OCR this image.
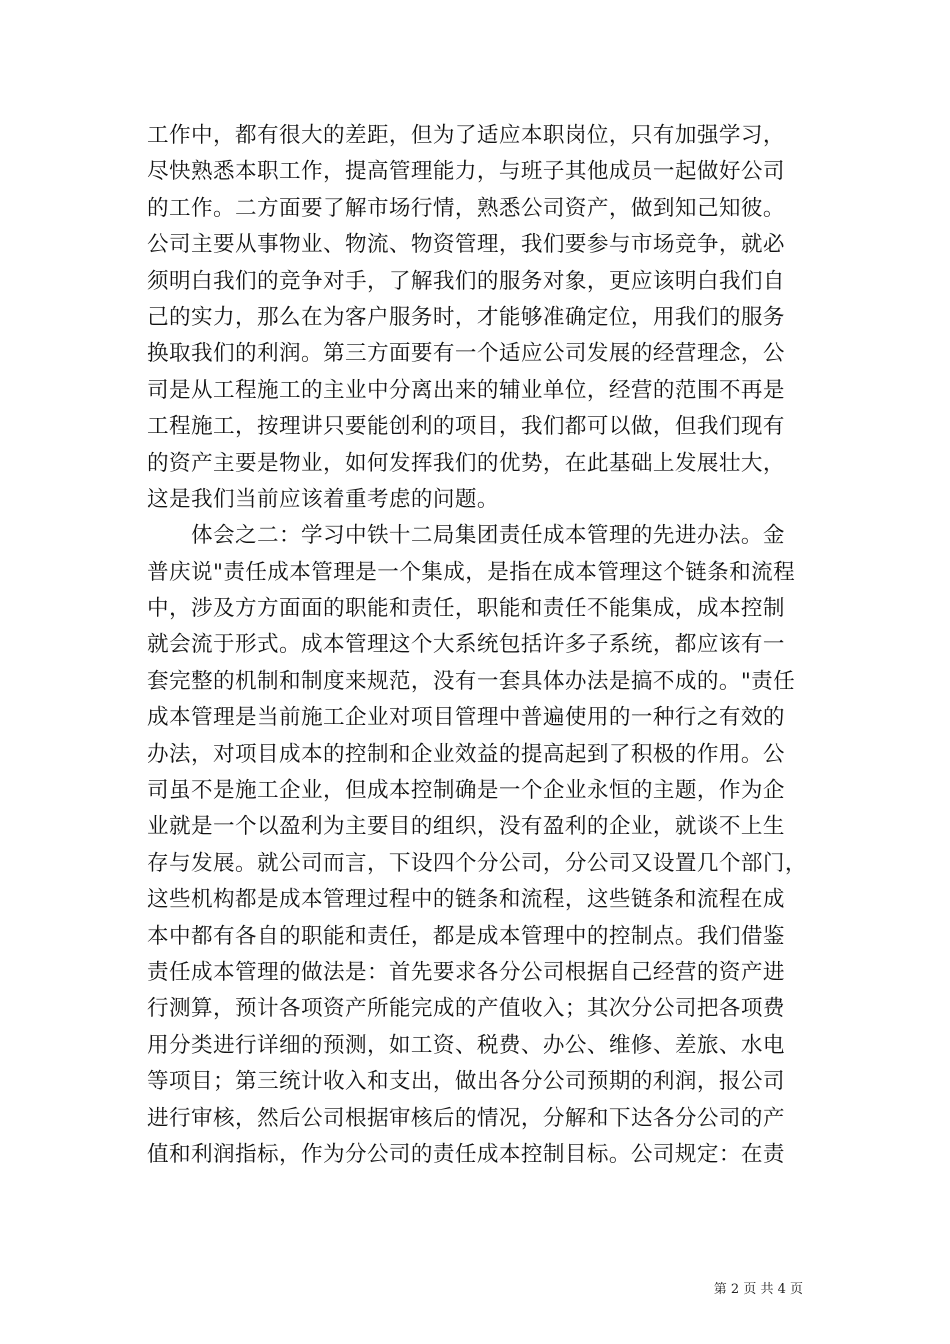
工作中，都有很大的差距，但为了适应本职岗位，只有加强学习，
尽快熟悉本职工作，提高管理能力，与班子其他成员一起做好公司
的工作。二方面要了解市场行情，熟悉公司资产，做到知己知彼。
公司主要从事物业、物流、物资管理，我们要参与市场竞争，就必
须明白我们的竞争对手，了解我们的服务对象，更应该明白我们自
己的实力，那么在为客户服务时，才能够准确定位，用我们的服务
换取我们的利润。第三方面要有一个适应公司发展的经营理念，公
司是从工程施工的主业中分离出来的辅业单位，经营的范围不再是
工程施工，按理讲只要能创利的项目，我们都可以做，但我们现有
的资产主要是物业，如何发挥我们的优势，在此基础上发展壮大，
这是我们当前应该着重考虑的问题。
　　体会之二：学习中铁十二局集团责任成本管理的先进办法。金
普庆说"责任成本管理是一个集成，是指在成本管理这个链条和流程
中，涉及方方面面的职能和责任，职能和责任不能集成，成本控制
就会流于形式。成本管理这个大系统包括许多子系统，都应该有一
套完整的机制和制度来规范，没有一套具体办法是搞不成的。"责任
成本管理是当前施工企业对项目管理中普遍使用的一种行之有效的
办法，对项目成本的控制和企业效益的提高起到了积极的作用。公
司虽不是施工企业，但成本控制确是一个企业永恒的主题，作为企
业就是一个以盈利为主要目的组织，没有盈利的企业，就谈不上生
存与发展。就公司而言，下设四个分公司，分公司又设置几个部门，
这些机构都是成本管理过程中的链条和流程，这些链条和流程在成
本中都有各自的职能和责任，都是成本管理中的控制点。我们借鉴
责任成本管理的做法是：首先要求各分公司根据自己经营的资产进
行测算，预计各项资产所能完成的产值收入；其次分公司把各项费
用分类进行详细的预测，如工资、税费、办公、维修、差旅、水电
等项目；第三统计收入和支出，做出各分公司预期的利润，报公司
进行审核，然后公司根据审核后的情况，分解和下达各分公司的产
值和利润指标，作为分公司的责任成本控制目标。公司规定：在责
第 2 页 共 4 页
